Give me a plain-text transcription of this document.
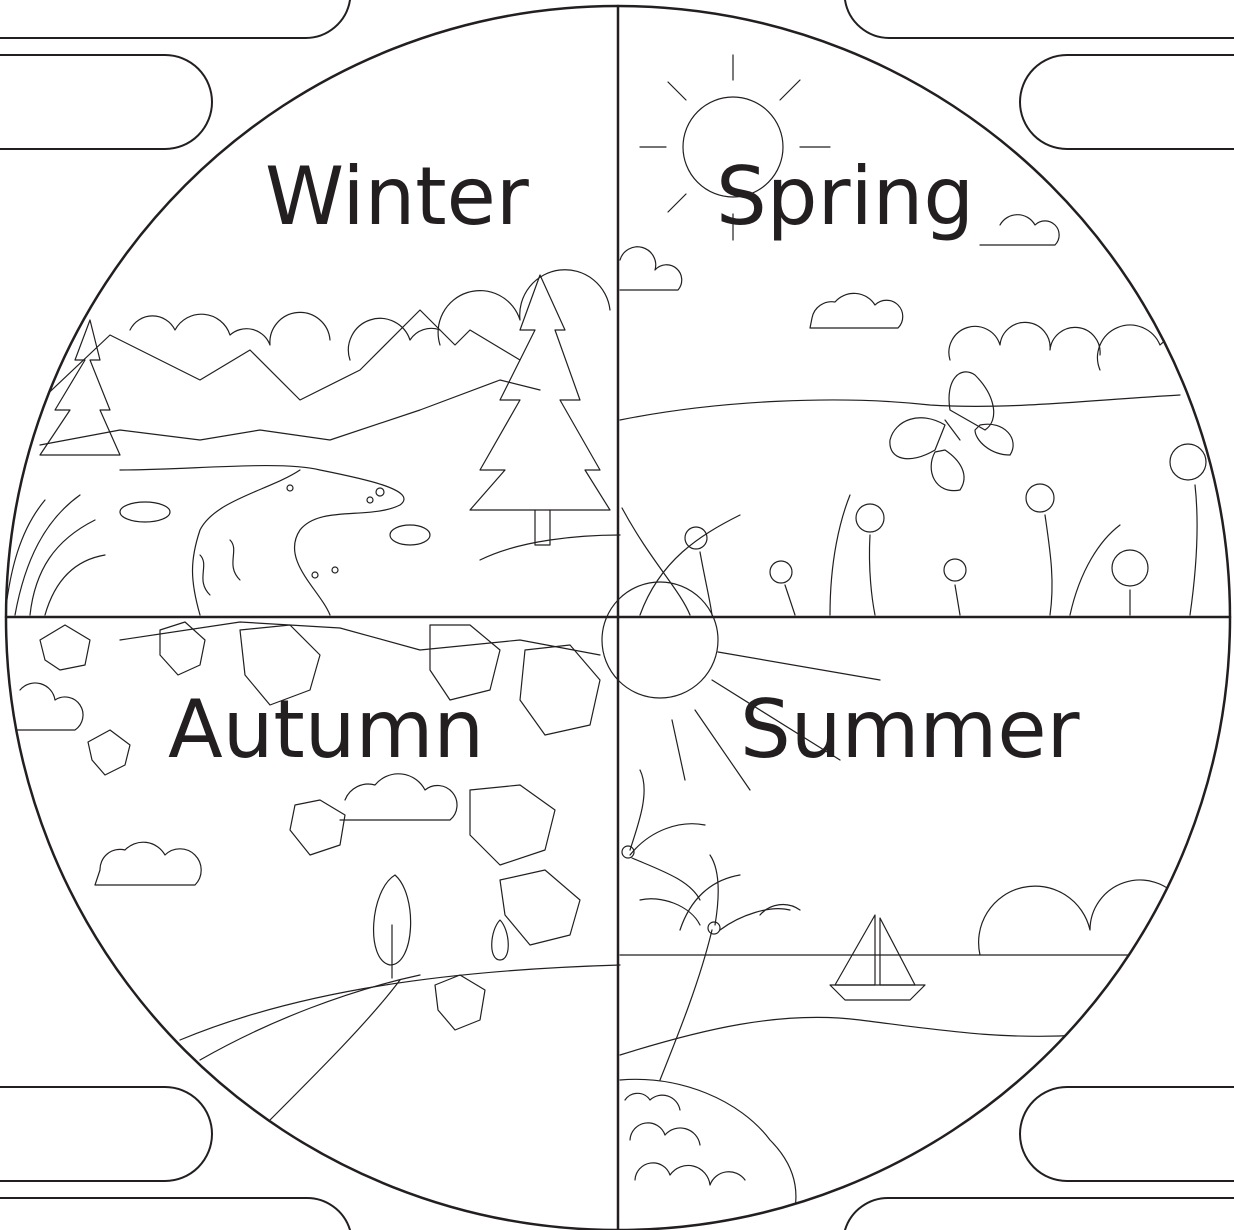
Winter Spring
Autumn	Summer
